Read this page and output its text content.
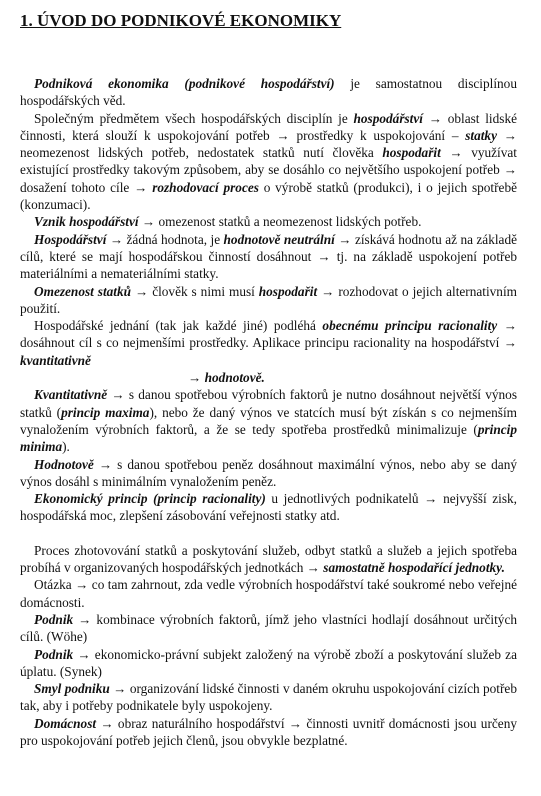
1. ÚVOD DO PODNIKOVÉ EKONOMIKY

Podniková ekonomika (podnikové hospodářství) je samostatnou disciplínou hospodářských věd.

Společným předmětem všech hospodářských disciplín je hospodářství → oblast lidské činnosti, která slouží k uspokojování potřeb → prostředky k uspokojování – statky → neomezenost lidských potřeb, nedostatek statků nutí člověka hospodařit → využívat existující prostředky takovým způsobem, aby se dosáhlo co největšího uspokojení potřeb → dosažení tohoto cíle → rozhodovací proces o výrobě statků (produkci), i o jejich spotřebě (konzumaci).

Vznik hospodářství → omezenost statků a neomezenost lidských potřeb.

Hospodářství → žádná hodnota, je hodnotově neutrální → získává hodnotu až na základě cílů, které se mají hospodářskou činností dosáhnout → tj. na základě uspokojení potřeb materiálními a nemateriálními statky.

Omezenost statků → člověk s nimi musí hospodařit → rozhodovat o jejich alternativním použití.

Hospodářské jednání (tak jak každé jiné) podléhá obecnému principu racionality → dosáhnout cíl s co nejmenšími prostředky. Aplikace principu racionality na hospodářství → kvantitativně

→ hodnotově.

Kvantitativně → s danou spotřebou výrobních faktorů je nutno dosáhnout největší výnos statků (princip maxima), nebo že daný výnos ve statcích musí být získán s co nejmenším vynaložením výrobních faktorů, a že se tedy spotřeba prostředků minimalizuje (princip minima).

Hodnotově → s danou spotřebou peněz dosáhnout maximální výnos, nebo aby se daný výnos dosáhl s minimálním vynaložením peněz.

Ekonomický princip (princip racionality) u jednotlivých podnikatelů → nejvyšší zisk, hospodářská moc, zlepšení zásobování veřejnosti statky atd.

Proces zhotovování statků a poskytování služeb, odbyt statků a služeb a jejich spotřeba probíhá v organizovaných hospodářských jednotkách → samostatně hospodařící jednotky.

Otázka → co tam zahrnout, zda vedle výrobních hospodářství také soukromé nebo veřejné domácnosti.

Podnik → kombinace výrobních faktorů, jímž jeho vlastníci hodlají dosáhnout určitých cílů. (Wöhe)

Podnik → ekonomicko-právní subjekt založený na výrobě zboží a poskytování služeb za úplatu. (Synek)

Smyl podniku → organizování lidské činnosti v daném okruhu uspokojování cizích potřeb tak, aby i potřeby podnikatele byly uspokojeny.

Domácnost → obraz naturálního hospodářství → činnosti uvnitř domácnosti jsou určeny pro uspokojování potřeb jejich členů, jsou obvykle bezplatné.
